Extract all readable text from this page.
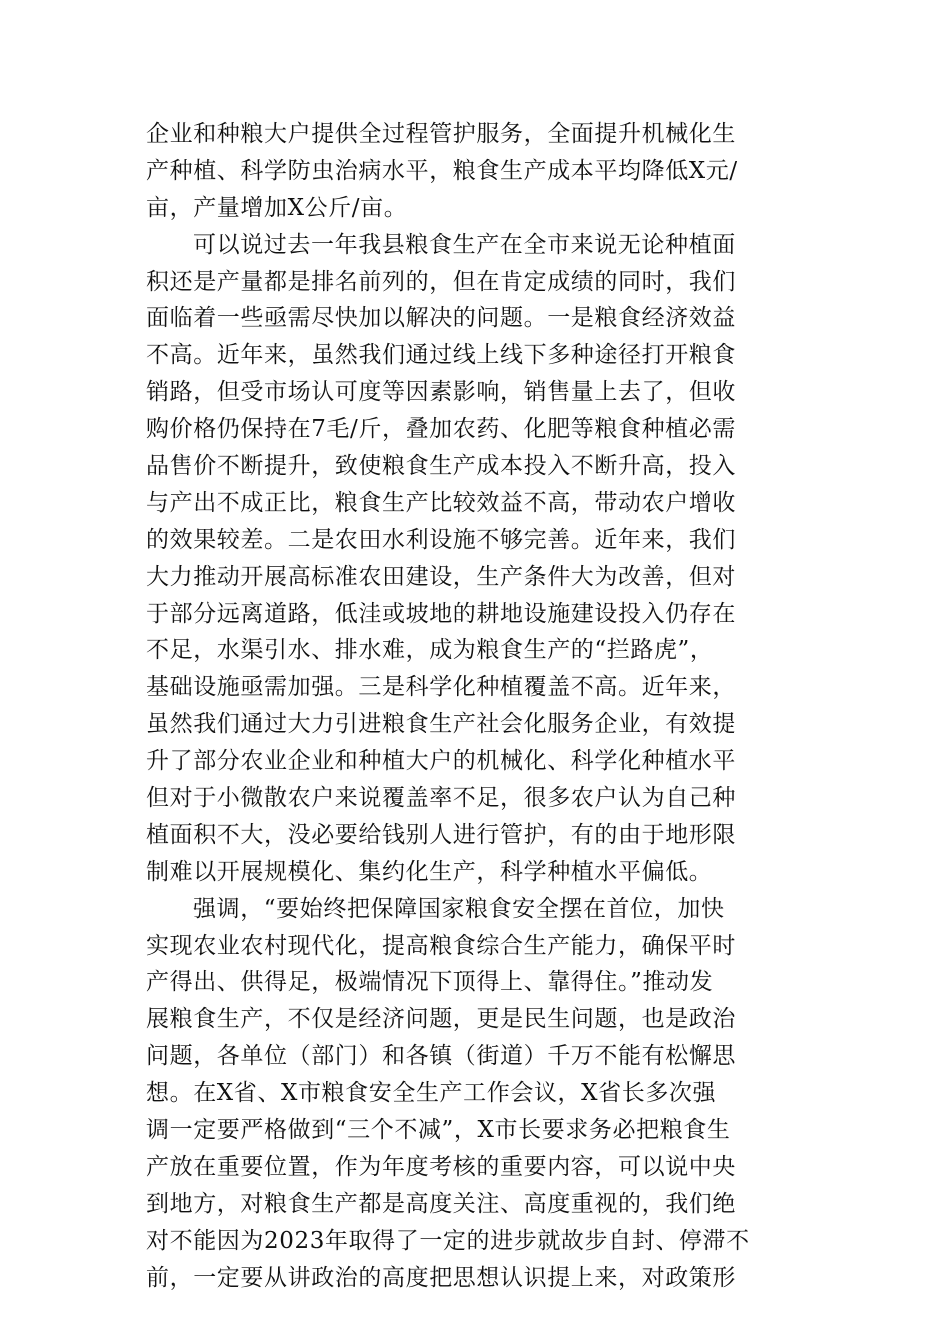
企业和种粮大户提供全过程管护服务，全面提升机械化生
产种植、科学防虫治病水平，粮食生产成本平均降低X元/
亩，产量增加X公斤/亩。
可以说过去一年我县粮食生产在全市来说无论种植面
积还是产量都是排名前列的，但在肯定成绩的同时，我们
面临着一些亟需尽快加以解决的问题。一是粮食经济效益
不高。近年来，虽然我们通过线上线下多种途径打开粮食
销路，但受市场认可度等因素影响，销售量上去了，但收
购价格仍保持在7毛/斤，叠加农药、化肥等粮食种植必需
品售价不断提升，致使粮食生产成本投入不断升高，投入
与产出不成正比，粮食生产比较效益不高，带动农户增收
的效果较差。二是农田水利设施不够完善。近年来，我们
大力推动开展高标准农田建设，生产条件大为改善，但对
于部分远离道路，低洼或坡地的耕地设施建设投入仍存在
不足，水渠引水、排水难，成为粮食生产的“拦路虎”，
基础设施亟需加强。三是科学化种植覆盖不高。近年来，
虽然我们通过大力引进粮食生产社会化服务企业，有效提
升了部分农业企业和种植大户的机械化、科学化种植水平
但对于小微散农户来说覆盖率不足，很多农户认为自己种
植面积不大，没必要给钱别人进行管护，有的由于地形限
制难以开展规模化、集约化生产，科学种植水平偏低。
强调，“要始终把保障国家粮食安全摆在首位，加快
实现农业农村现代化，提高粮食综合生产能力，确保平时
产得出、供得足，极端情况下顶得上、靠得住。”推动发
展粮食生产，不仅是经济问题，更是民生问题，也是政治
问题，各单位（部门）和各镇（街道）千万不能有松懈思
想。在X省、X市粮食安全生产工作会议，X省长多次强
调一定要严格做到“三个不减”，X市长要求务必把粮食生
产放在重要位置，作为年度考核的重要内容，可以说中央
到地方，对粮食生产都是高度关注、高度重视的，我们绝
对不能因为2023年取得了一定的进步就故步自封、停滞不
前，一定要从讲政治的高度把思想认识提上来，对政策形
